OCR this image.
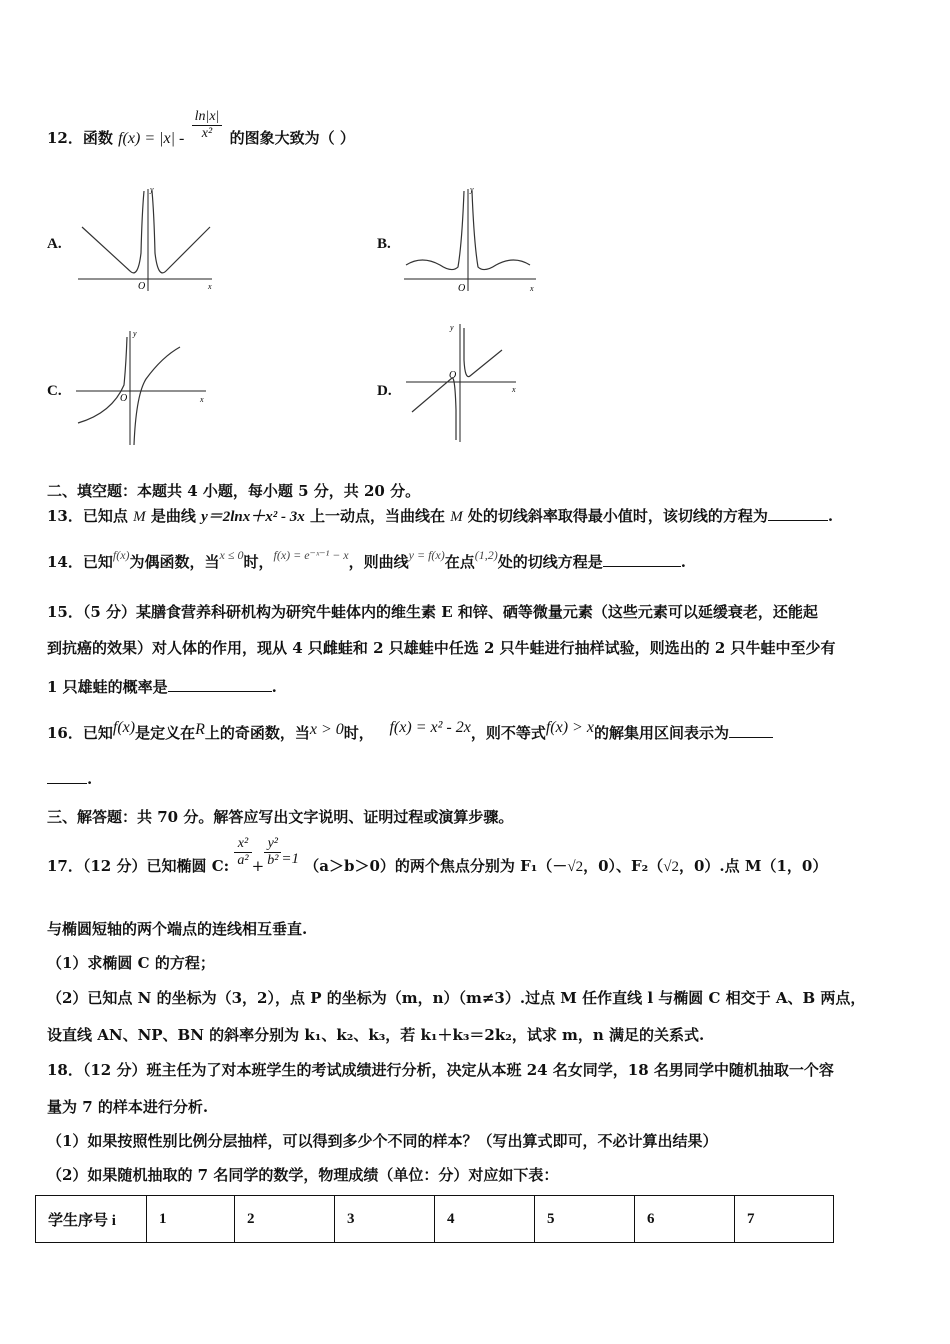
12．函数 $f(x) = |x| - \frac{\ln|x|}{\text{x²}}$ 的图象大致为（ ）
A.
O	x
y
B.
O	x
y
C.	O	x
y
D.
O
x
y
二、填空题：本题共 4 小题，每小题 5 分，共 20 分。
13．已知点 M 是曲线 y＝2lnx＋x² - 3x 上一动点，当曲线在 M 处的切线斜率取得最小值时，该切线的方程为	.
14．已知$^{f(x)}$为偶函数，当$^{x \le 0}$时，$^{f(x) = e^-ˣ^{-1} - x}$，则曲线$^{y = f(x)}$在点$^{(1,2)}$处的切线方程是	.
15．（5 分）某膳食营养科研机构为研究牛蛙体内的维生素 E 和锌、硒等微量元素（这些元素可以延缓衰老，还能起
到抗癌的效果）对人体的作用，现从 4 只雌蛙和 2 只雄蛙中任选 2 只牛蛙进行抽样试验，则选出的 2 只牛蛙中至少有
1 只雄蛙的概率是	.
16．已知f(x)是定义在R上的奇函数，当x > 0时， f(x) = x² - 2x，则不等式f(x) > x的解集用区间表示为
.
三、解答题：共 70 分。解答应写出文字说明、证明过程或演算步骤。
17．（12 分）已知椭圆 C: $\frac{\text{x²}}{\text{a²}} + \frac{\text{y²}}{\text{b²}} =1$ （a＞b＞0）的两个焦点分别为 F₁（－√2，0）、F₂（√2，0）.点 M（1，0）
与椭圆短轴的两个端点的连线相互垂直.
（1）求椭圆 C 的方程；
（2）已知点 N 的坐标为（3，2），点 P 的坐标为（m，n）（m≠3）.过点 M 任作直线 l 与椭圆 C 相交于 A、B 两点，
设直线 AN、NP、BN 的斜率分别为 k₁、k₂、k₃，若 k₁＋k₃＝2k₂，试求 m，n 满足的关系式.
18．（12 分）班主任为了对本班学生的考试成绩进行分析，决定从本班 24 名女同学，18 名男同学中随机抽取一个容
量为 7 的样本进行分析.
（1）如果按照性别比例分层抽样，可以得到多少个不同的样本？（写出算式即可，不必计算出结果）
（2）如果随机抽取的 7 名同学的数学，物理成绩（单位：分）对应如下表：
学生序号 i	1	2	3	4	5	6	7
